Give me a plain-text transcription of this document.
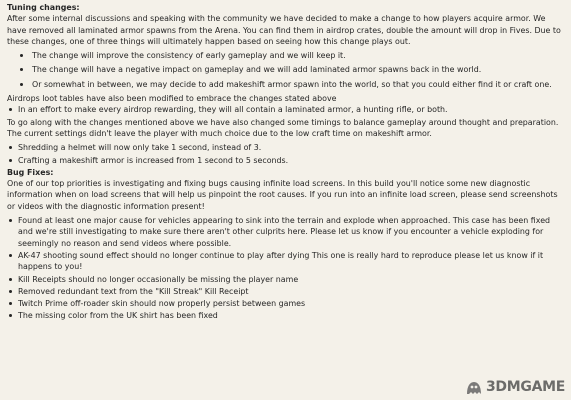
Tuning changes:

After some internal discussions and speaking with the community we have decided to make a change to how players acquire armor. We have removed all laminated armor spawns from the Arena. You can find them in airdrop crates, double the amount will drop in Fives. Due to these changes, one of three things will ultimately happen based on seeing how this change plays out.

The change will improve the consistency of early gameplay and we will keep it.
The change will have a negative impact on gameplay and we will add laminated armor spawns back in the world.
Or somewhat in between, we may decide to add makeshift armor spawn into the world, so that you could either find it or craft one.

Airdrops loot tables have also been modified to embrace the changes stated above

In an effort to make every airdrop rewarding, they will all contain a laminated armor, a hunting rifle, or both.

To go along with the changes mentioned above we have also changed some timings to balance gameplay around thought and preparation. The current settings didn't leave the player with much choice due to the low craft time on makeshift armor.

Shredding a helmet will now only take 1 second, instead of 3.
Crafting a makeshift armor is increased from 1 second to 5 seconds.
Bug Fixes:

One of our top priorities is investigating and fixing bugs causing infinite load screens. In this build you'll notice some new diagnostic information when on load screens that will help us pinpoint the root causes. If you run into an infinite load screen, please send screenshots or videos with the diagnostic information present!

Found at least one major cause for vehicles appearing to sink into the terrain and explode when approached. This case has been fixed and we're still investigating to make sure there aren't other culprits here. Please let us know if you encounter a vehicle exploding for seemingly no reason and send videos where possible.
AK-47 shooting sound effect should no longer continue to play after dying This one is really hard to reproduce please let us know if it happens to you!
Kill Receipts should no longer occasionally be missing the player name
Removed redundant text from the "Kill Streak" Kill Receipt
Twitch Prime off-roader skin should now properly persist between games
The missing color from the UK shirt has been fixed
3DMGAME
